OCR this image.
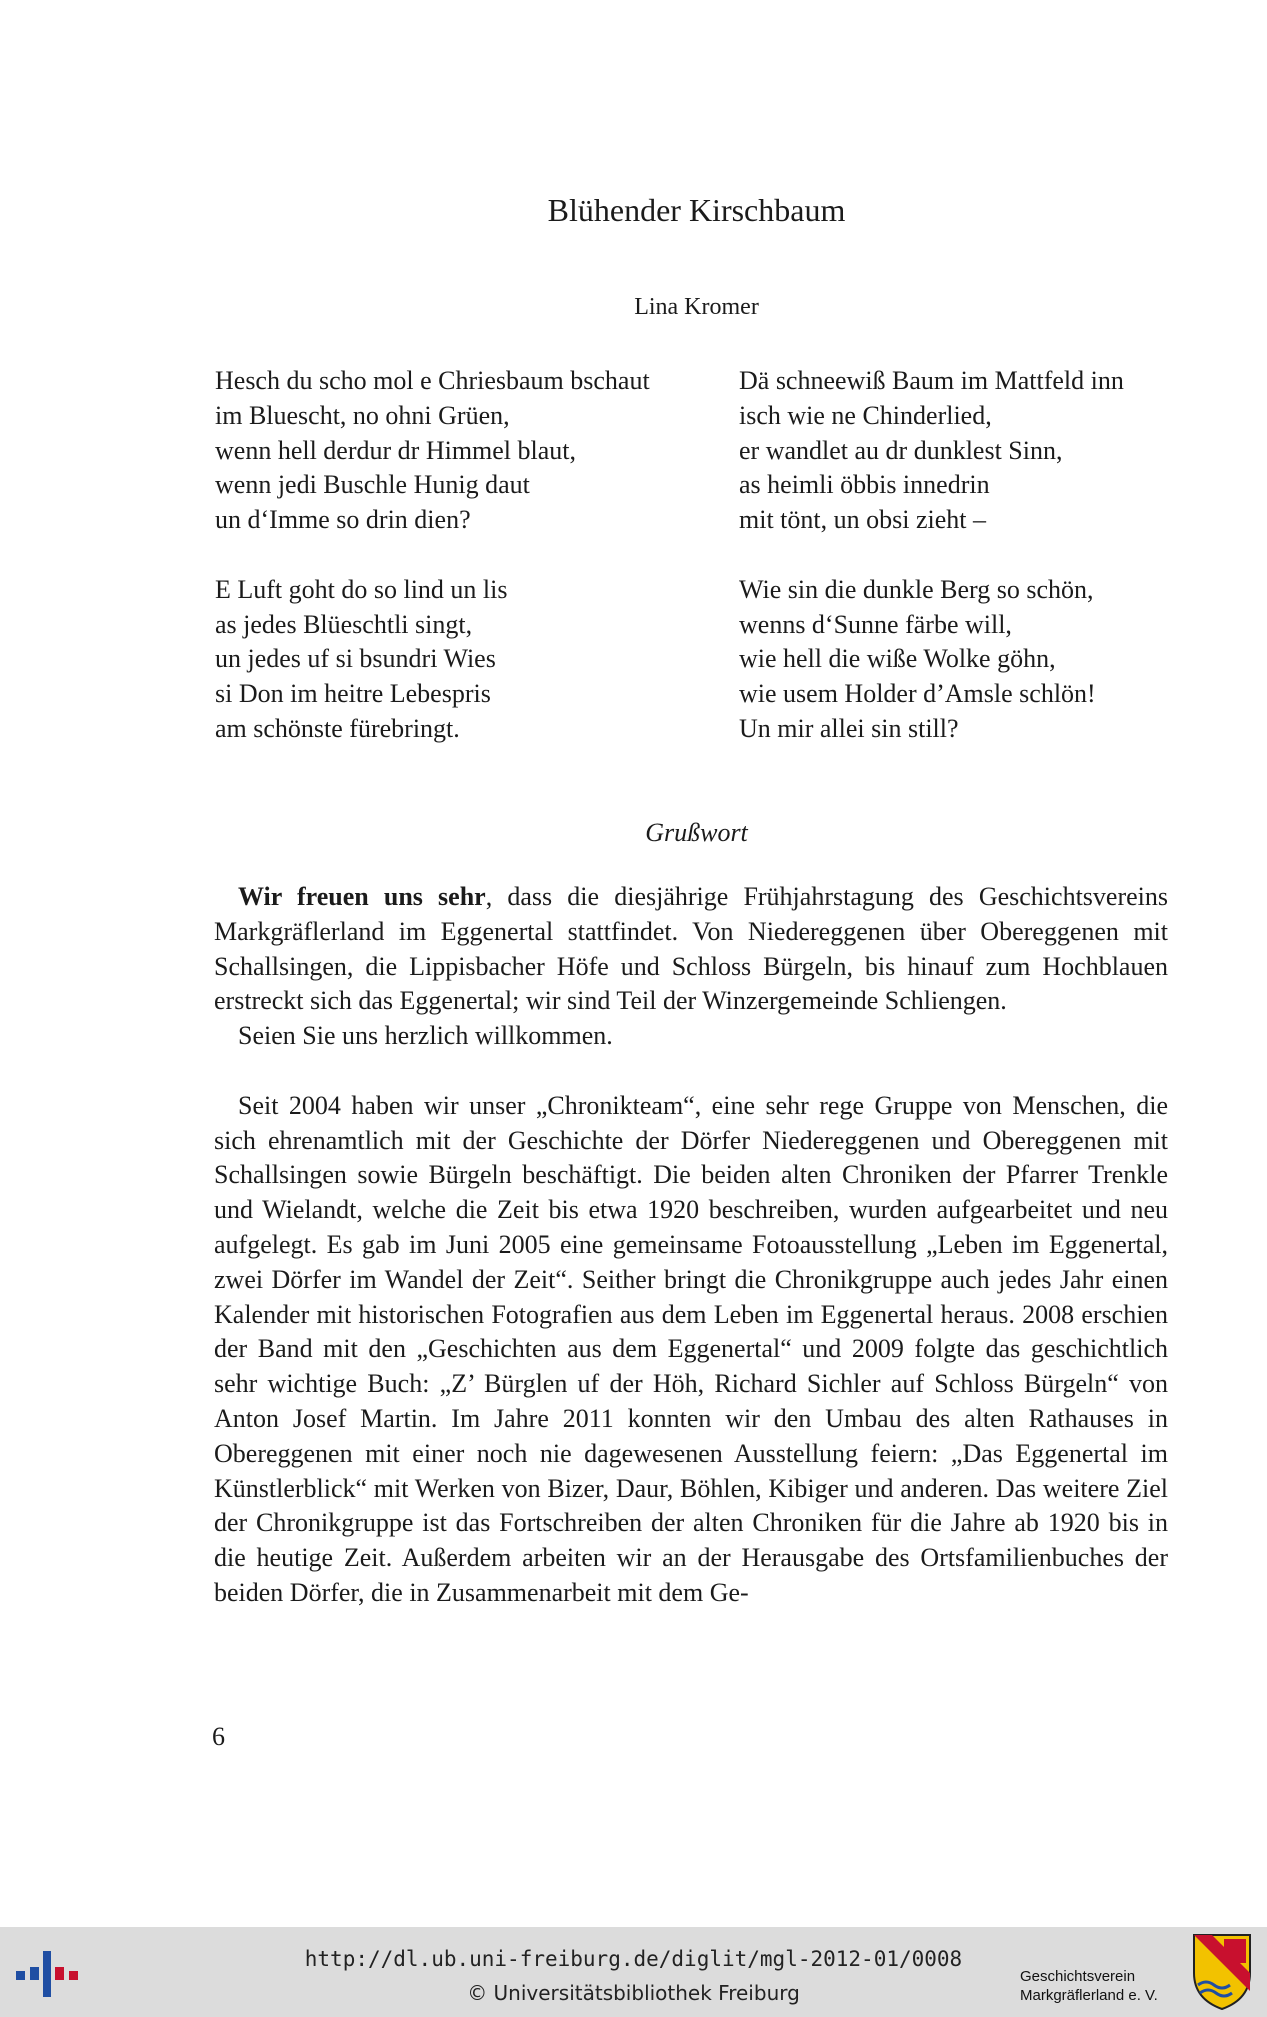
Blühender Kirschbaum
Lina Kromer
Hesch du scho mol e Chriesbaum bschaut
im Bluescht, no ohni Grüen,
wenn hell derdur dr Himmel blaut,
wenn jedi Buschle Hunig daut
un d‘Imme so drin dien?
E Luft goht do so lind un lis
as jedes Blüeschtli singt,
un jedes uf si bsundri Wies
si Don im heitre Lebespris
am schönste fürebringt.
Dä schneewiß Baum im Mattfeld inn
isch wie ne Chinderlied,
er wandlet au dr dunklest Sinn,
as heimli öbbis innedrin
mit tönt, un obsi zieht –
Wie sin die dunkle Berg so schön,
wenns d‘Sunne färbe will,
wie hell die wiße Wolke göhn,
wie usem Holder d’Amsle schlön!
Un mir allei sin still?
Grußwort

Wir freuen uns sehr, dass die diesjährige Frühjahrstagung des Geschichtsvereins Markgräflerland im Eggenertal stattfindet. Von Niedereggenen über Obereggenen mit Schallsingen, die Lippisbacher Höfe und Schloss Bürgeln, bis hinauf zum Hochblauen erstreckt sich das Eggenertal; wir sind Teil der Winzergemeinde Schliengen.

Seien Sie uns herzlich willkommen.

Seit 2004 haben wir unser „Chronikteam“, eine sehr rege Gruppe von Menschen, die sich ehrenamtlich mit der Geschichte der Dörfer Niedereggenen und Obereggenen mit Schallsingen sowie Bürgeln beschäftigt. Die beiden alten Chroniken der Pfarrer Trenkle und Wielandt, welche die Zeit bis etwa 1920 beschreiben, wurden aufgearbeitet und neu aufgelegt. Es gab im Juni 2005 eine gemeinsame Fotoausstellung „Leben im Eggenertal, zwei Dörfer im Wandel der Zeit“. Seither bringt die Chronikgruppe auch jedes Jahr einen Kalender mit historischen Fotografien aus dem Leben im Eggenertal heraus. 2008 erschien der Band mit den „Geschichten aus dem Eggenertal“ und 2009 folgte das geschichtlich sehr wichtige Buch: „Z’ Bürglen uf der Höh, Richard Sichler auf Schloss Bürgeln“ von Anton Josef Martin. Im Jahre 2011 konnten wir den Umbau des alten Rathauses in Obereggenen mit einer noch nie dagewesenen Ausstellung feiern: „Das Eggenertal im Künstlerblick“ mit Werken von Bizer, Daur, Böhlen, Kibiger und anderen. Das weitere Ziel der Chronikgruppe ist das Fortschreiben der alten Chroniken für die Jahre ab 1920 bis in die heutige Zeit. Außerdem arbeiten wir an der Herausgabe des Ortsfamilienbuches der beiden Dörfer, die in Zusammenarbeit mit dem Ge-

6
http://dl.ub.uni-freiburg.de/diglit/mgl-2012-01/0008
© Universitätsbibliothek Freiburg
Geschichtsverein
Markgräflerland e. V.
